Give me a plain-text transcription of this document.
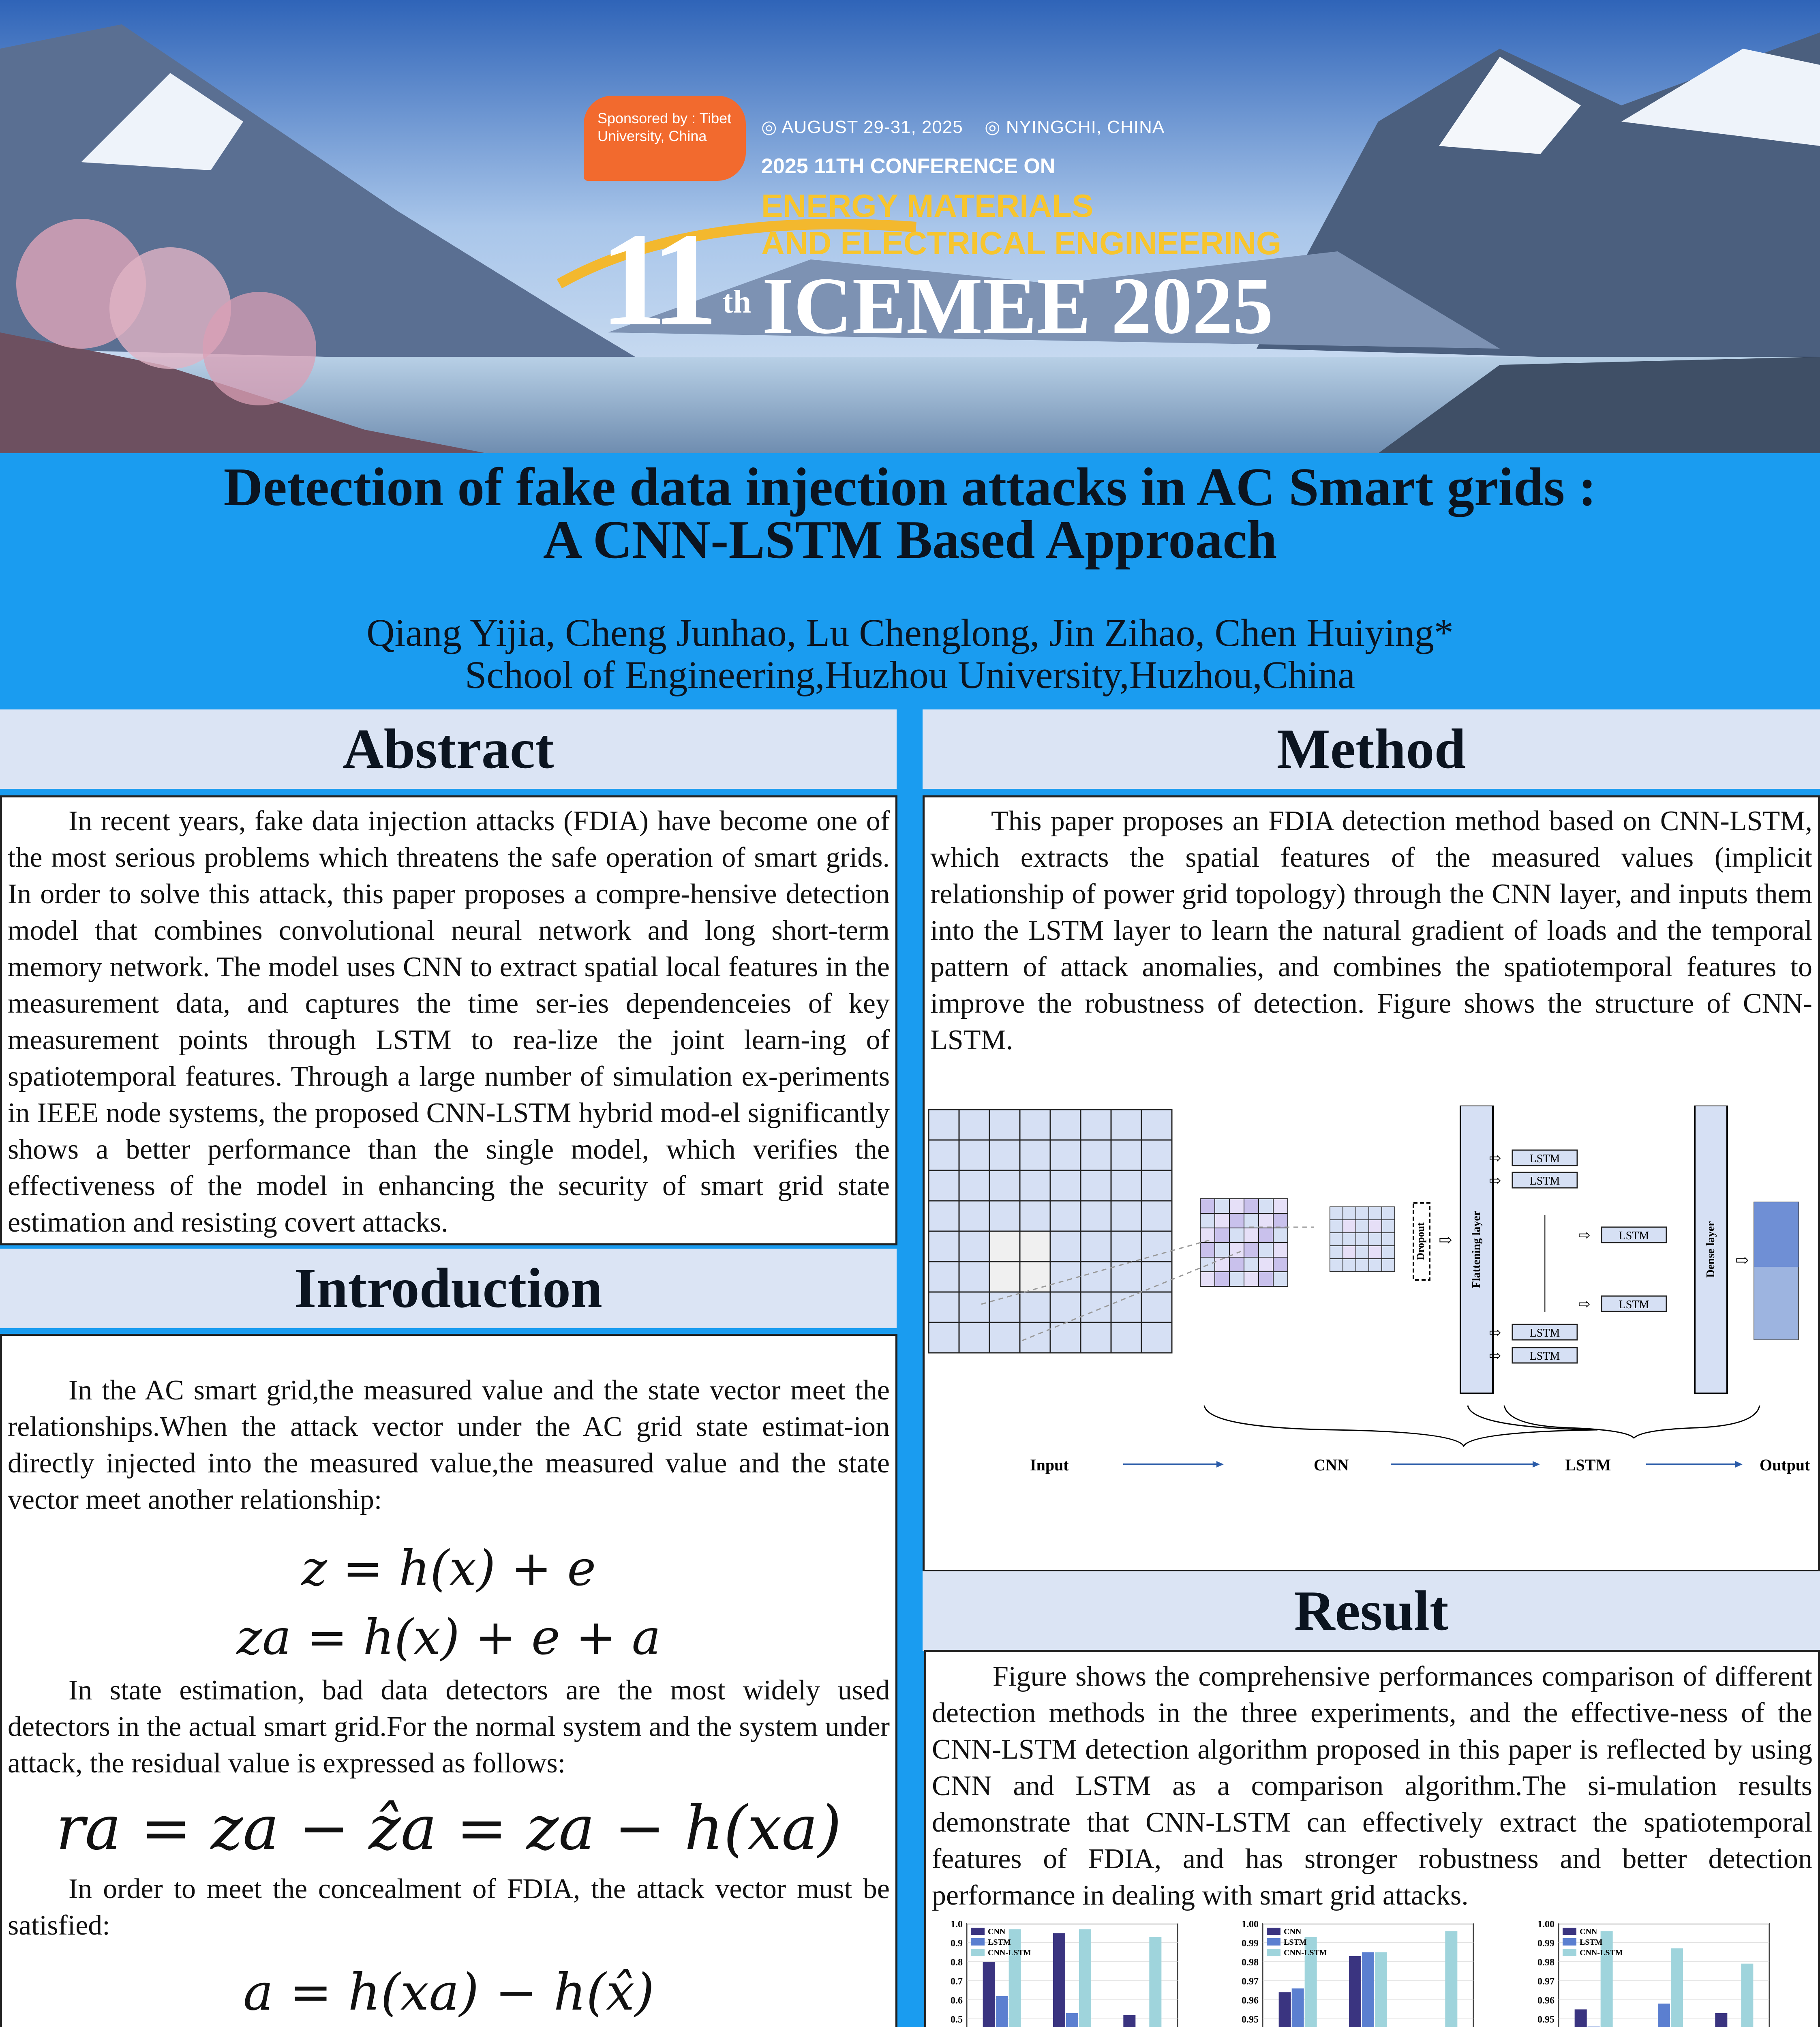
Sponsored by : Tibet University, China	◎ AUGUST 29-31, 2025 ◎ NYINGCHI, CHINA
2025 11TH CONFERENCE ON
ENERGY MATERIALS
AND ELECTRICAL ENGINEERING
11 th ICEMEE 2025
Detection of fake data injection attacks in AC Smart grids :
A CNN-LSTM Based Approach
Qiang Yijia, Cheng Junhao, Lu Chenglong, Jin Zihao, Chen Huiying*
School of Engineering,Huzhou University,Huzhou,China
Abstract

In recent years, fake data injection attacks (FDIA) have become one of the most serious problems which threatens the safe operation of smart grids. In order to solve this attack, this paper proposes a compre-hensive detection model that combines convolutional neural network and long short-term memory network. The model uses CNN to extract spatial local features in the measurement data, and captures the time ser-ies dependenceies of key measurement points through LSTM to rea-lize the joint learn-ing of spatiotemporal features. Through a large number of simulation ex-periments in IEEE node systems, the proposed CNN-LSTM hybrid mod-el significantly shows a better performance than the single model, which verifies the effectiveness of the model in enhancing the security of smart grid state estimation and resisting covert attacks.

Introduction

In the AC smart grid,the measured value and the state vector meet the relationships.When the attack vector under the AC grid state estimat-ion directly injected into the measured value,the measured value and the state vector meet another relationship:

z = h(x) + e
za = h(x) + e + a

In state estimation, bad data detectors are the most widely used detectors in the actual smart grid.For the normal system and the system under attack, the residual value is expressed as follows:

ra = za − ẑa = za − h(xa)

In order to meet the concealment of FDIA, the attack vector must be satisfied:

a = h(xa) − h(x̂)

Method

This paper proposes an FDIA detection method based on CNN-LSTM, which extracts the spatial features of the measured values (implicit relationship of power grid topology) through the CNN layer, and inputs them into the LSTM layer to learn the natural gradient of loads and the temporal pattern of attack anomalies, and combines the spatiotemporal features to improve the robustness of detection. Figure shows the structure of CNN-LSTM.

Dropout ⇨ Flattening layer
LSTM
⇨
LSTM
⇨
LSTM
⇨
LSTM
⇨
LSTM
⇨
LSTM
⇨
Dense layer ⇨
Input	CNN	LSTM	Output
Result

Figure shows the comprehensive performances comparison of different detection methods in the three experiments, and the effective-ness of the CNN-LSTM detection algorithm proposed in this paper is reflected by using CNN and LSTM as a comparison algorithm.The si-mulation results demonstrate that CNN-LSTM can effectively extract the spatiotemporal features of FDIA, and has stronger robustness and better detection performance in dealing with smart grid attacks.

0.5
0.6
0.7
0.8
0.9
1.0
CNN
LSTM
CNN-LSTM
0.95
0.96
0.97
0.98
0.99
1.00
CNN
LSTM
CNN-LSTM
0.95
0.96
0.97
0.98
0.99
1.00
CNN
LSTM
CNN-LSTM
